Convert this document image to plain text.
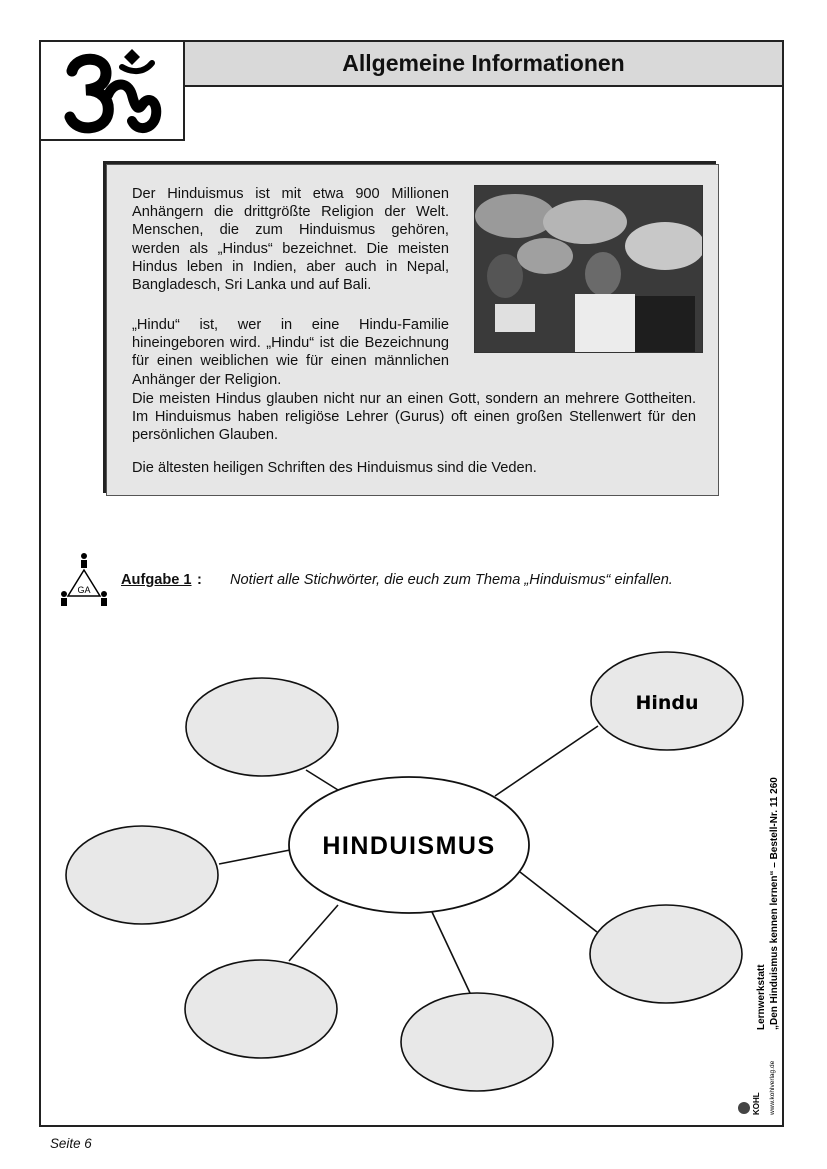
Allgemeine Informationen

Der Hinduismus ist mit etwa 900 Millionen Anhängern die drittgrößte Religion der Welt. Menschen, die zum Hinduismus gehören, werden als „Hindus“ bezeichnet. Die meisten Hindus leben in Indien, aber auch in Nepal, Bangladesch, Sri Lanka und auf Bali.

„Hindu“ ist, wer in eine Hindu-Familie hineingeboren wird. „Hindu“ ist die Bezeichnung für einen weiblichen wie für einen männlichen Anhänger der Religion.

Die meisten Hindus glauben nicht nur an einen Gott, sondern an mehrere Gottheiten. Im Hinduismus haben religiöse Lehrer (Gurus) oft einen großen Stellenwert für den persönlichen Glauben.

Die ältesten heiligen Schriften des Hinduismus sind die Veden.

GA
Aufgabe 1 : Notiert alle Stichwörter, die euch zum Thema „Hinduismus“ einfallen.
HINDUISMUS
Hindu
KOHL www.kohlverlag.de
Lernwerkstatt „Den Hinduismus kennen lernen“ – Bestell-Nr. 11 260
Seite 6
